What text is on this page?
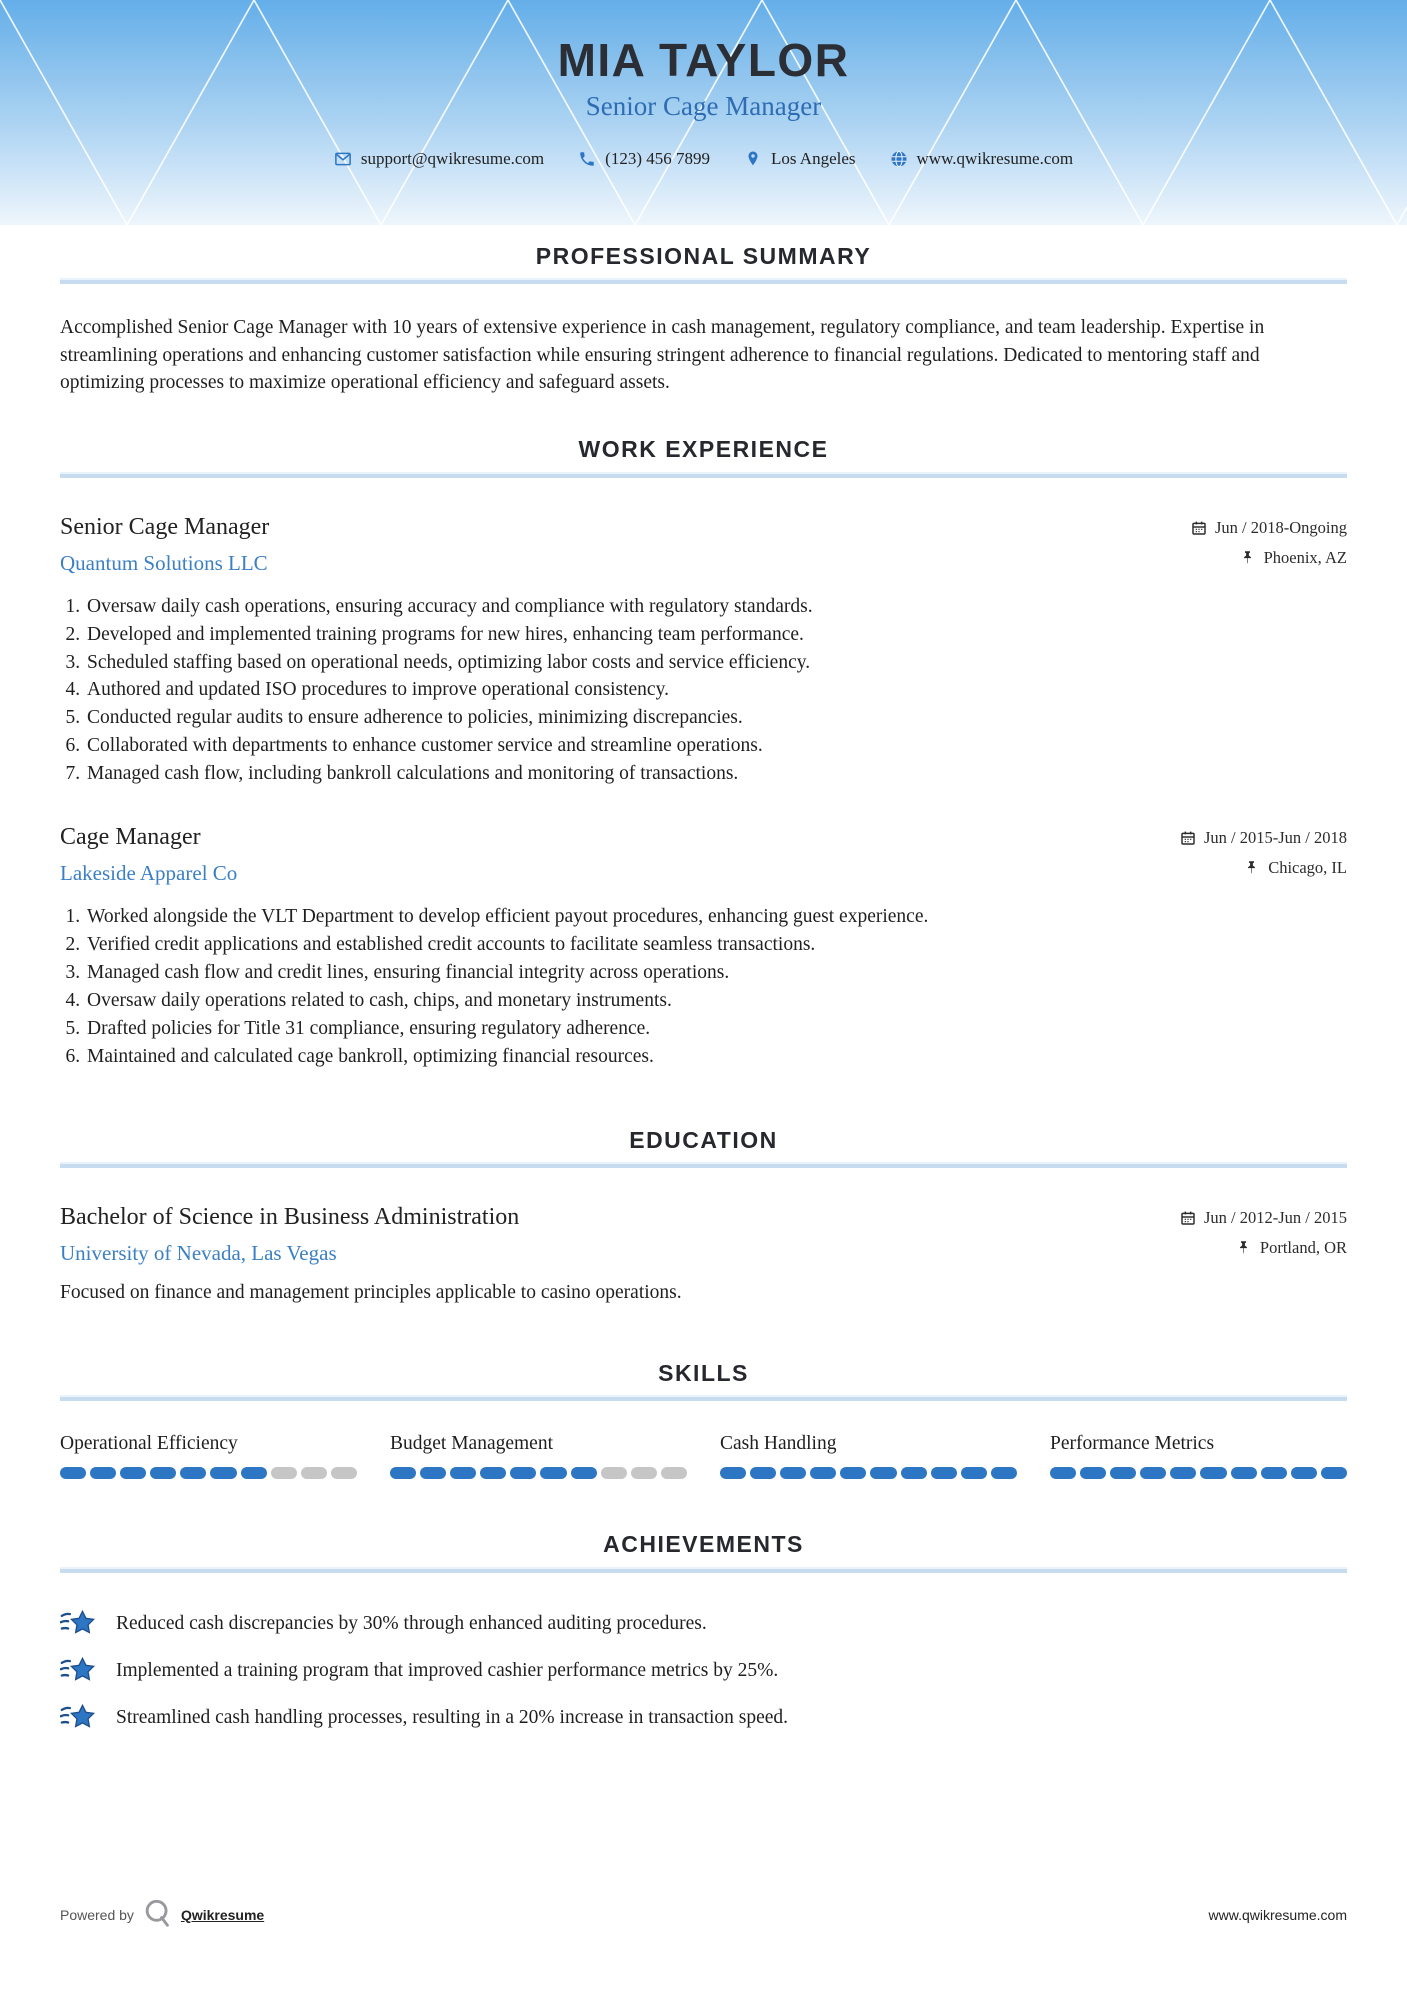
MIA TAYLOR
Senior Cage Manager
support@qwikresume.com	(123) 456 7899	Los Angeles	www.qwikresume.com
PROFESSIONAL SUMMARY

Accomplished Senior Cage Manager with 10 years of extensive experience in cash management, regulatory compliance, and team leadership. Expertise in streamlining operations and enhancing customer satisfaction while ensuring stringent adherence to financial regulations. Dedicated to mentoring staff and optimizing processes to maximize operational efficiency and safeguard assets.

WORK EXPERIENCE
Senior Cage Manager
Quantum Solutions LLC
Jun / 2018-Ongoing
Phoenix, AZ
1. Oversaw daily cash operations, ensuring accuracy and compliance with regulatory standards.
2. Developed and implemented training programs for new hires, enhancing team performance.
3. Scheduled staffing based on operational needs, optimizing labor costs and service efficiency.
4. Authored and updated ISO procedures to improve operational consistency.
5. Conducted regular audits to ensure adherence to policies, minimizing discrepancies.
6. Collaborated with departments to enhance customer service and streamline operations.
7. Managed cash flow, including bankroll calculations and monitoring of transactions.
Cage Manager
Lakeside Apparel Co
Jun / 2015-Jun / 2018
Chicago, IL
1. Worked alongside the VLT Department to develop efficient payout procedures, enhancing guest experience.
2. Verified credit applications and established credit accounts to facilitate seamless transactions.
3. Managed cash flow and credit lines, ensuring financial integrity across operations.
4. Oversaw daily operations related to cash, chips, and monetary instruments.
5. Drafted policies for Title 31 compliance, ensuring regulatory adherence.
6. Maintained and calculated cage bankroll, optimizing financial resources.
EDUCATION
Bachelor of Science in Business Administration
University of Nevada, Las Vegas
Jun / 2012-Jun / 2015
Portland, OR

Focused on finance and management principles applicable to casino operations.

SKILLS
Operational Efficiency	Budget Management	Cash Handling	Performance Metrics
ACHIEVEMENTS
Reduced cash discrepancies by 30% through enhanced auditing procedures.
Implemented a training program that improved cashier performance metrics by 25%.
Streamlined cash handling processes, resulting in a 20% increase in transaction speed.
Powered by	Qwikresume	www.qwikresume.com
